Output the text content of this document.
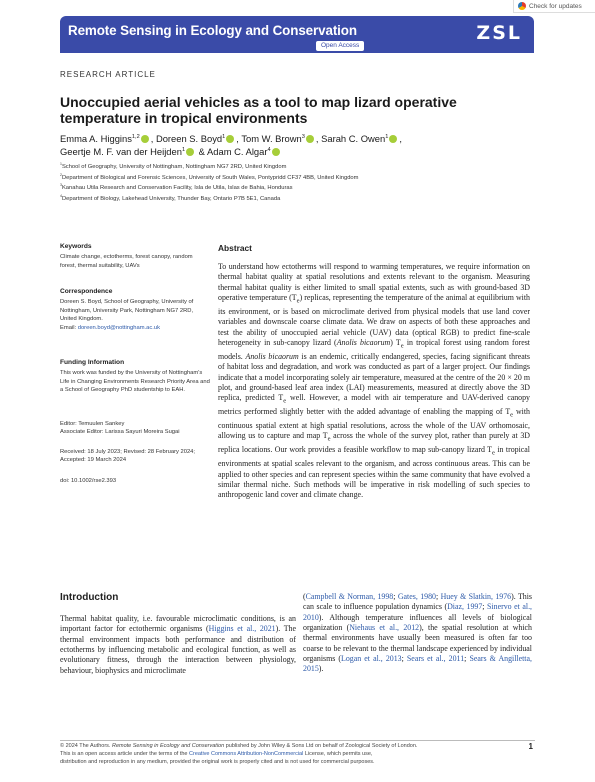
Check for updates
Remote Sensing in Ecology and Conservation
Open Access
ZSL
RESEARCH ARTICLE
Unoccupied aerial vehicles as a tool to map lizard operative temperature in tropical environments
Emma A. Higgins$^{1,2}$ , Doreen S. Boyd$^1$ , Tom W. Brown$^3$ , Sarah C. Owen$^1$ ,
Geertje M. F. van der Heijden$^1$ & Adam C. Algar$^4$
$^1$School of Geography, University of Nottingham, Nottingham NG7 2RD, United Kingdom
$^2$Department of Biological and Forensic Sciences, University of South Wales, Pontypridd CF37 4BB, United Kingdom
$^3$Kanahau Utila Research and Conservation Facility, Isla de Utila, Islas de Bahia, Honduras
$^4$Department of Biology, Lakehead University, Thunder Bay, Ontario P7B 5E1, Canada
Keywords
Climate change, ectotherms, forest canopy, random forest, thermal suitability, UAVs
Correspondence
Doreen S. Boyd, School of Geography, University of Nottingham, University Park, Nottingham NG7 2RD, United Kingdom.
Email: doreen.boyd@nottingham.ac.uk
Funding Information
This work was funded by the University of Nottingham's Life in Changing Environments Research Priority Area and a School of Geography PhD studentship to EAH.
Editor: Temuulen Sankey
Associate Editor: Larissa Sayuri Moreira Sugai
Received: 18 July 2023; Revised: 28 February 2024; Accepted: 19 March 2024
doi: 10.1002/rse2.393
Abstract
To understand how ectotherms will respond to warming temperatures, we require information on thermal habitat quality at spatial resolutions and extents relevant to the organism. Measuring thermal habitat quality is either limited to small spatial extents, such as with ground-based 3D operative temperature $(T_e)$ replicas, representing the temperature of the animal at equilibrium with its environment, or is based on microclimate derived from physical models that use land cover variables and downscale coarse climate data. We draw on aspects of both these approaches and test the ability of unoccupied aerial vehicle (UAV) data (optical RGB) to predict fine-scale heterogeneity in sub-canopy lizard (Anolis bicaorum) $T_e$ in tropical forest using random forest models. Anolis bicaorum is an endemic, critically endangered, species, facing significant threats of habitat loss and degradation, and work was conducted as part of a larger project. Our findings indicate that a model incorporating solely air temperature, measured at the centre of the 20 × 20 m plot, and ground-based leaf area index (LAI) measurements, measured at directly above the 3D replica, predicted $T_e$ well. However, a model with air temperature and UAV-derived canopy metrics performed slightly better with the added advantage of enabling the mapping of $T_e$ with continuous spatial extent at high spatial resolutions, across the whole of the UAV orthomosaic, allowing us to capture and map $T_e$ across the whole of the survey plot, rather than purely at 3D replica locations. Our work provides a feasible workflow to map sub-canopy lizard $T_e$ in tropical environments at spatial scales relevant to the organism, and across continuous areas. This can be applied to other species and can represent species within the same community that have evolved a similar thermal niche. Such methods will be imperative in risk modelling of such species to anthropogenic land cover and climate change.
Introduction
Thermal habitat quality, i.e. favourable microclimatic conditions, is an important factor for ectothermic organisms (Higgins et al., 2021). The thermal environment impacts both performance and distribution of ectotherms by influencing metabolic and ecological function, as well as evolutionary fitness, through the interaction between physiology, behaviour, biophysics and microclimate
(Campbell & Norman, 1998; Gates, 1980; Huey & Slatkin, 1976). This can scale to influence population dynamics (Diaz, 1997; Sinervo et al., 2010). Although temperature influences all levels of biological organization (Niehaus et al., 2012), the spatial resolution at which thermal environments have usually been measured is often far too coarse to be relevant to the thermal landscape experienced by individual organisms (Logan et al., 2013; Sears et al., 2011; Sears & Angilletta, 2015).
© 2024 The Authors. Remote Sensing in Ecology and Conservation published by John Wiley & Sons Ltd on behalf of Zoological Society of London.
This is an open access article under the terms of the Creative Commons Attribution-NonCommercial License, which permits use,
distribution and reproduction in any medium, provided the original work is properly cited and is not used for commercial purposes.
1
